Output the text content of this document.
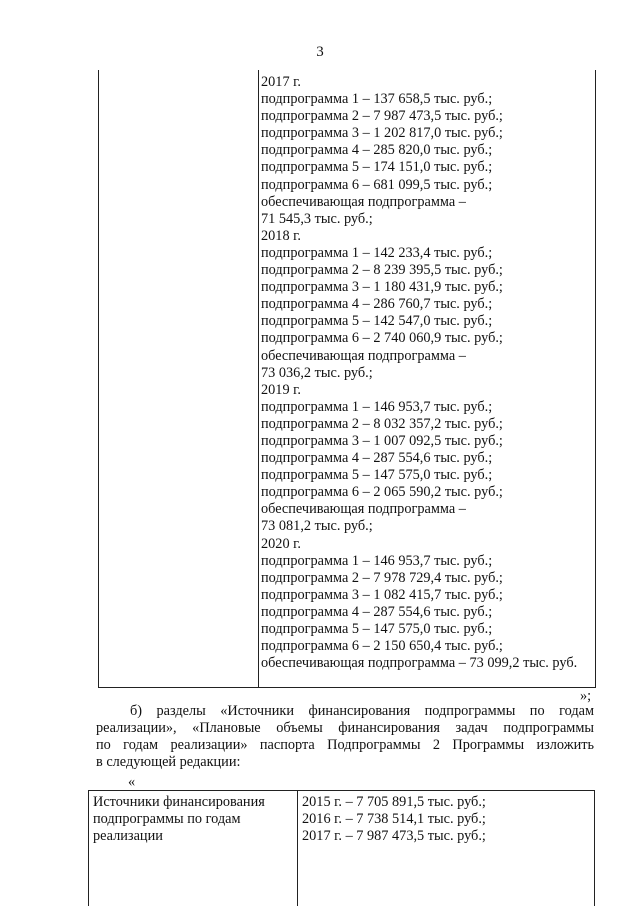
3
2017 г.
подпрограмма 1 – 137 658,5 тыс. руб.;
подпрограмма 2 – 7 987 473,5 тыс. руб.;
подпрограмма 3 – 1 202 817,0 тыс. руб.;
подпрограмма 4 – 285 820,0 тыс. руб.;
подпрограмма 5 – 174 151,0 тыс. руб.;
подпрограмма 6 – 681 099,5 тыс. руб.;
обеспечивающая подпрограмма –
71 545,3 тыс. руб.;
2018 г.
подпрограмма 1 – 142 233,4 тыс. руб.;
подпрограмма 2 – 8 239 395,5 тыс. руб.;
подпрограмма 3 – 1 180 431,9 тыс. руб.;
подпрограмма 4 – 286 760,7 тыс. руб.;
подпрограмма 5 – 142 547,0 тыс. руб.;
подпрограмма 6 – 2 740 060,9 тыс. руб.;
обеспечивающая подпрограмма –
73 036,2 тыс. руб.;
2019 г.
подпрограмма 1 – 146 953,7 тыс. руб.;
подпрограмма 2 – 8 032 357,2 тыс. руб.;
подпрограмма 3 – 1 007 092,5 тыс. руб.;
подпрограмма 4 – 287 554,6 тыс. руб.;
подпрограмма 5 – 147 575,0 тыс. руб.;
подпрограмма 6 – 2 065 590,2 тыс. руб.;
обеспечивающая подпрограмма –
73 081,2 тыс. руб.;
2020 г.
подпрограмма 1 – 146 953,7 тыс. руб.;
подпрограмма 2 – 7 978 729,4 тыс. руб.;
подпрограмма 3 – 1 082 415,7 тыс. руб.;
подпрограмма 4 – 287 554,6 тыс. руб.;
подпрограмма 5 – 147 575,0 тыс. руб.;
подпрограмма 6 – 2 150 650,4 тыс. руб.;
обеспечивающая подпрограмма – 73 099,2 тыс. руб.
»;
б) разделы «Источники финансирования подпрограммы по годам
реализации», «Плановые объемы финансирования задач подпрограммы
по годам реализации» паспорта Подпрограммы 2 Программы изложить
в следующей редакции:
«
Источники финансирования
подпрограммы по годам
реализации
2015 г. – 7 705 891,5 тыс. руб.;
2016 г. – 7 738 514,1 тыс. руб.;
2017 г. – 7 987 473,5 тыс. руб.;
